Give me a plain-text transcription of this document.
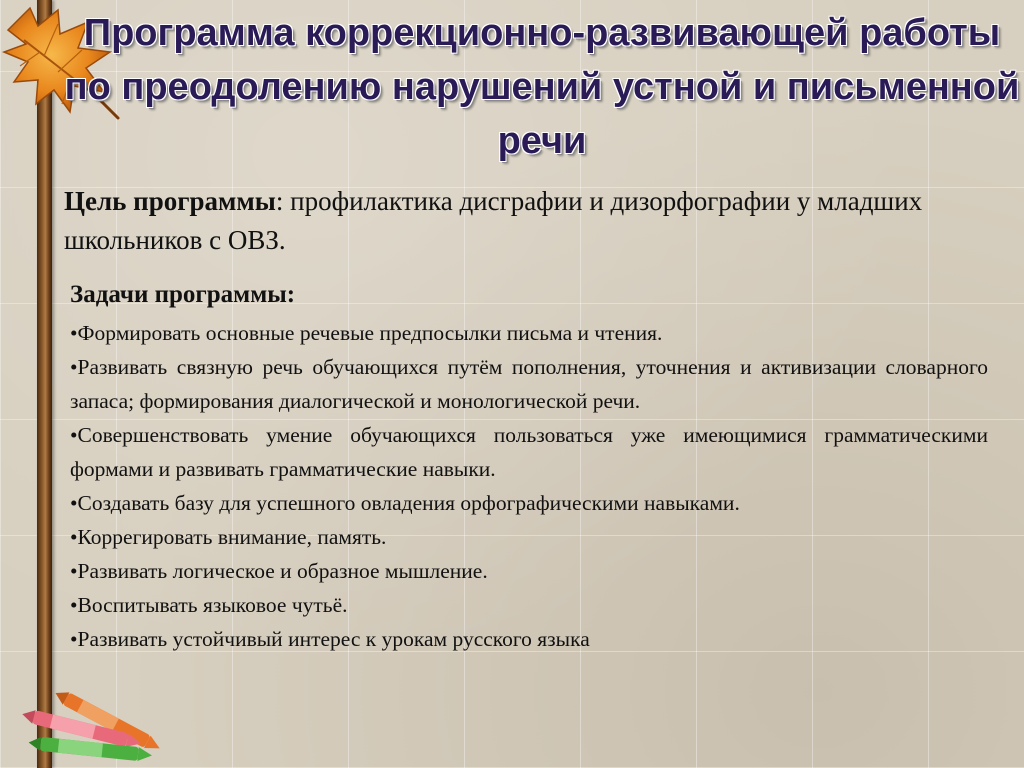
Программа коррекционно-развивающей работы по преодолению нарушений устной и письменной речи

Цель программы: профилактика дисграфии и дизорфографии у младших школьников с ОВЗ.

Задачи программы:

•Формировать основные речевые предпосылки письма и чтения.
•Развивать связную речь обучающихся путём пополнения, уточнения и активизации словарного запаса; формирования диалогической и монологической речи.
•Совершенствовать умение обучающихся пользоваться уже имеющимися грамматическими формами и развивать грамматические навыки.
•Создавать базу для успешного овладения орфографическими навыками.
•Коррегировать внимание, память.
•Развивать логическое и образное мышление.
•Воспитывать языковое чутьё.
•Развивать устойчивый интерес к урокам русского языка
